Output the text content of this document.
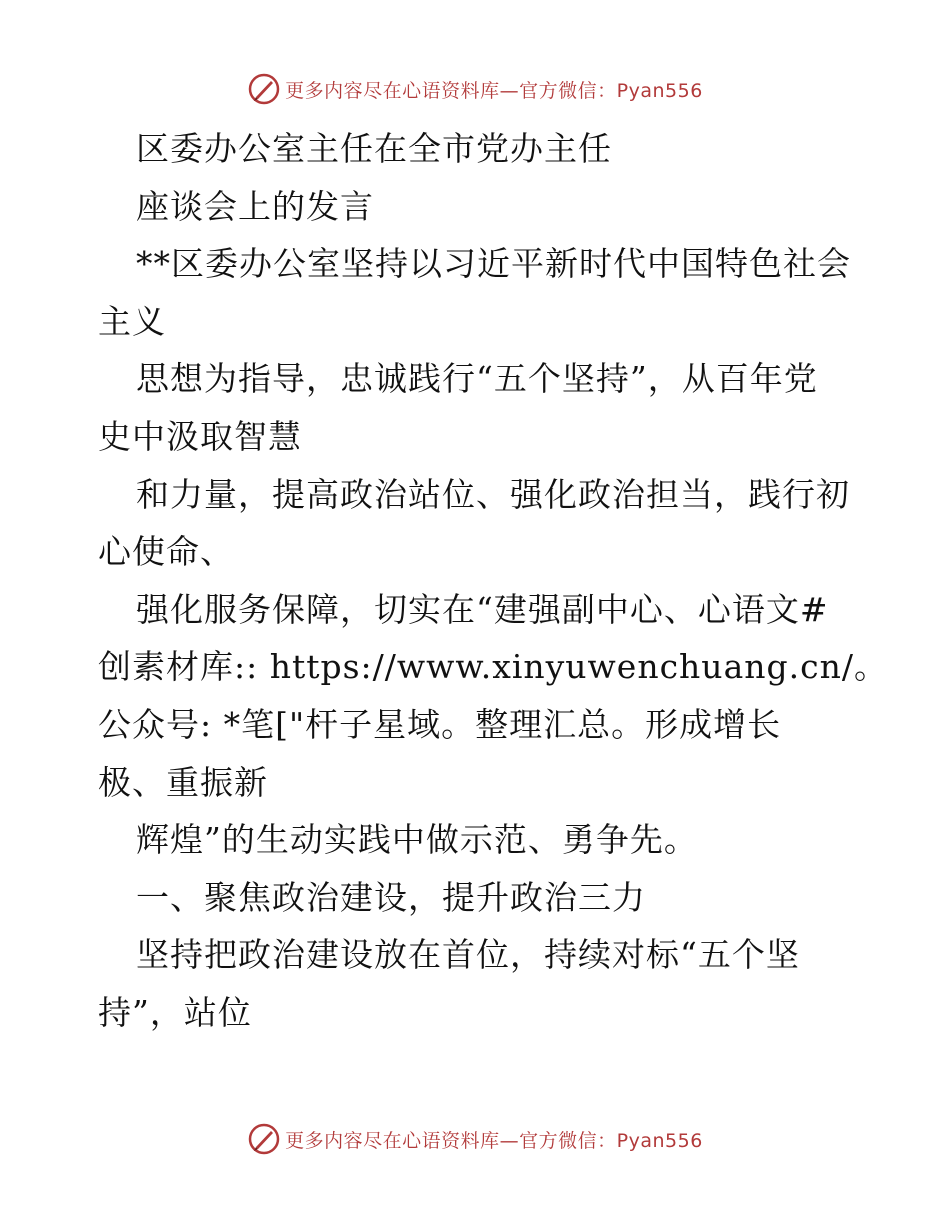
更多内容尽在心语资料库—官方微信：Pyan556
区委办公室主任在全市党办主任
座谈会上的发言
**区委办公室坚持以习近平新时代中国特色社会
主义
思想为指导，忠诚践行“五个坚持”，从百年党
史中汲取智慧
和力量，提高政治站位、强化政治担当，践行初
心使命、
强化服务保障，切实在“建强副中心、心语文#
创素材库:: https://www.xinyuwenchuang.cn/。
公众号: *笔["杆子星域。整理汇总。形成增长
极、重振新
辉煌”的生动实践中做示范、勇争先。
一、聚焦政治建设，提升政治三力
坚持把政治建设放在首位，持续对标“五个坚
持”，站位
更多内容尽在心语资料库—官方微信：Pyan556
